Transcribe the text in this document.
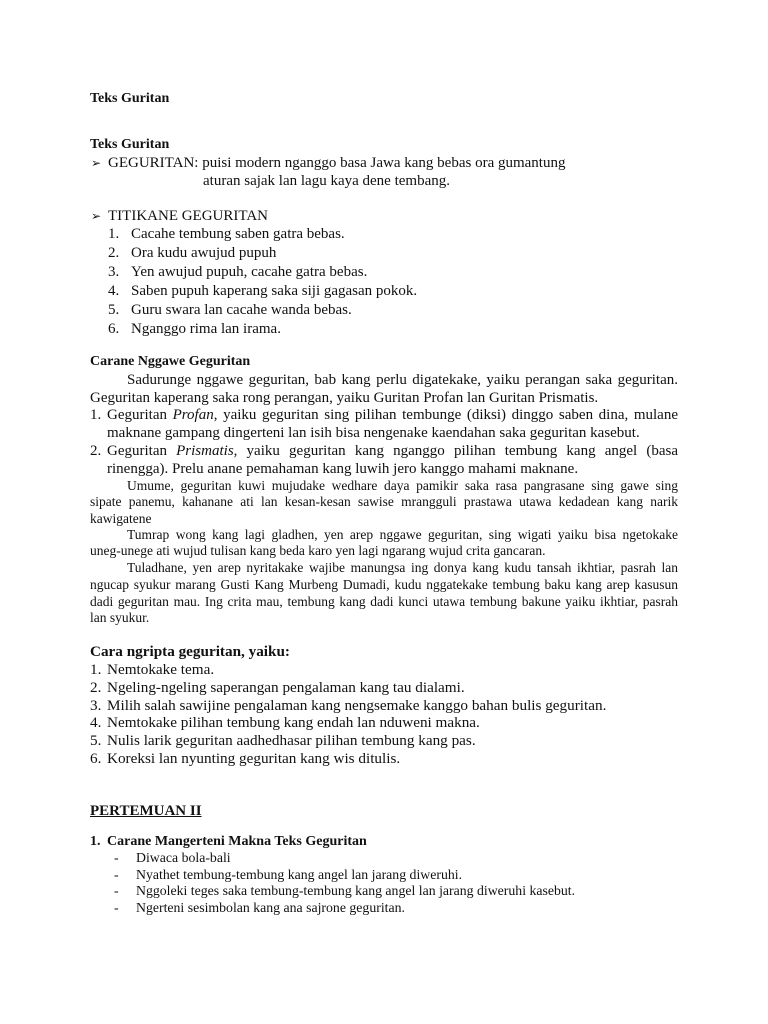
Teks Guritan
Teks Guritan
➢ GEGURITAN: puisi modern nganggo basa Jawa kang bebas ora gumantung
aturan sajak lan lagu kaya dene tembang.
➢ TITIKANE GEGURITAN
1. Cacahe tembung saben gatra bebas.
2. Ora kudu awujud pupuh
3. Yen awujud pupuh, cacahe gatra bebas.
4. Saben pupuh kaperang saka siji gagasan pokok.
5. Guru swara lan cacahe wanda bebas.
6. Nganggo rima lan irama.
Carane Nggawe Geguritan
Sadurunge nggawe geguritan, bab kang perlu digatekake, yaiku perangan saka geguritan.
Geguritan kaperang saka rong perangan, yaiku Guritan Profan lan Guritan Prismatis.
1. Geguritan Profan, yaiku geguritan sing pilihan tembunge (diksi) dinggo saben dina, mulane
maknane gampang dingerteni lan isih bisa nengenake kaendahan saka geguritan kasebut.
2. Geguritan Prismatis, yaiku geguritan kang nganggo pilihan tembung kang angel (basa
rinengga). Prelu anane pemahaman kang luwih jero kanggo mahami maknane.
Umume, geguritan kuwi mujudake wedhare daya pamikir saka rasa pangrasane sing gawe sing
sipate panemu, kahanane ati lan kesan-kesan sawise mrangguli prastawa utawa kedadean kang narik
kawigatene
Tumrap wong kang lagi gladhen, yen arep nggawe geguritan, sing wigati yaiku bisa ngetokake
uneg-unege ati wujud tulisan kang beda karo yen lagi ngarang wujud crita gancaran.
Tuladhane, yen arep nyritakake wajibe manungsa ing donya kang kudu tansah ikhtiar, pasrah lan
ngucap syukur marang Gusti Kang Murbeng Dumadi, kudu nggatekake tembung baku kang arep kasusun
dadi geguritan mau. Ing crita mau, tembung kang dadi kunci utawa tembung bakune yaiku ikhtiar, pasrah
lan syukur.
Cara ngripta geguritan, yaiku:
1. Nemtokake tema.
2. Ngeling-ngeling saperangan pengalaman kang tau dialami.
3. Milih salah sawijine pengalaman kang nengsemake kanggo bahan bulis geguritan.
4. Nemtokake pilihan tembung kang endah lan nduweni makna.
5. Nulis larik geguritan aadhedhasar pilihan tembung kang pas.
6. Koreksi lan nyunting geguritan kang wis ditulis.
PERTEMUAN II
1. Carane Mangerteni Makna Teks Geguritan
- Diwaca bola-bali
- Nyathet tembung-tembung kang angel lan jarang diweruhi.
- Nggoleki teges saka tembung-tembung kang angel lan jarang diweruhi kasebut.
- Ngerteni sesimbolan kang ana sajrone geguritan.
